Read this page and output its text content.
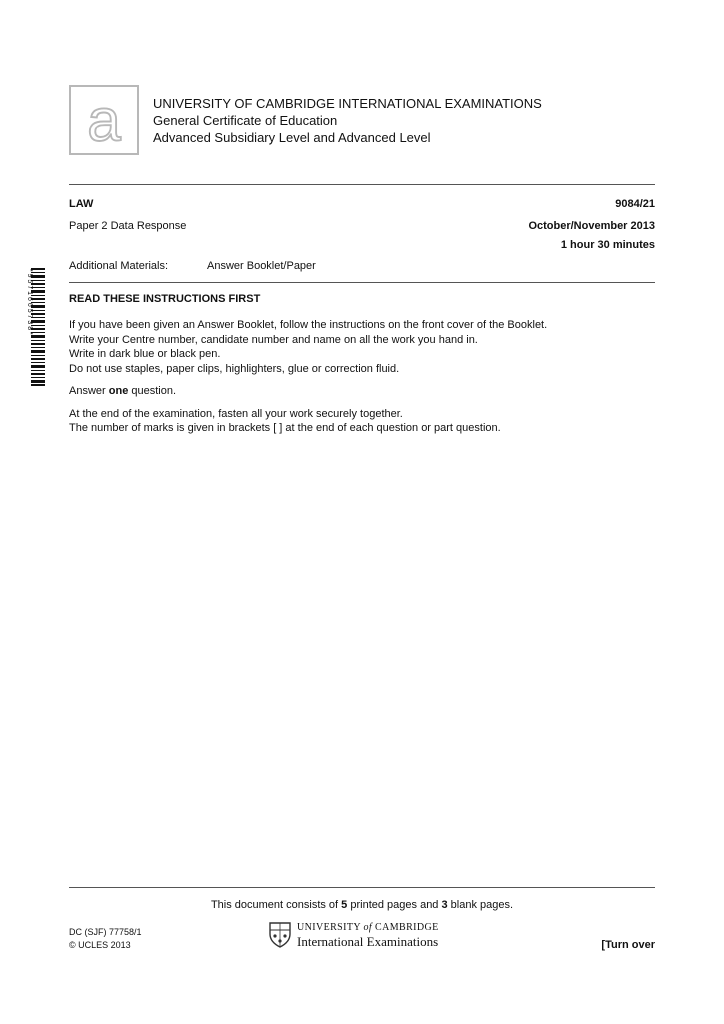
a UNIVERSITY OF CAMBRIDGE INTERNATIONAL EXAMINATIONS
General Certificate of Education
Advanced Subsidiary Level and Advanced Level
LAW	9084/21
Paper 2 Data Response	October/November 2013
1 hour 30 minutes
Additional Materials:	Answer Booklet/Paper
* 9 5 7 1 6 6 5 7 3 8 *	READ THESE INSTRUCTIONS FIRST

If you have been given an Answer Booklet, follow the instructions on the front cover of the Booklet.

Write your Centre number, candidate number and name on all the work you hand in.

Write in dark blue or black pen.

Do not use staples, paper clips, highlighters, glue or correction fluid.

Answer one question.

At the end of the examination, fasten all your work securely together.

The number of marks is given in brackets [ ] at the end of each question or part question.

This document consists of 5 printed pages and 3 blank pages.
DC (SJF) 77758/1
© UCLES 2013
UNIVERSITY of CAMBRIDGE
International Examinations	[Turn over
